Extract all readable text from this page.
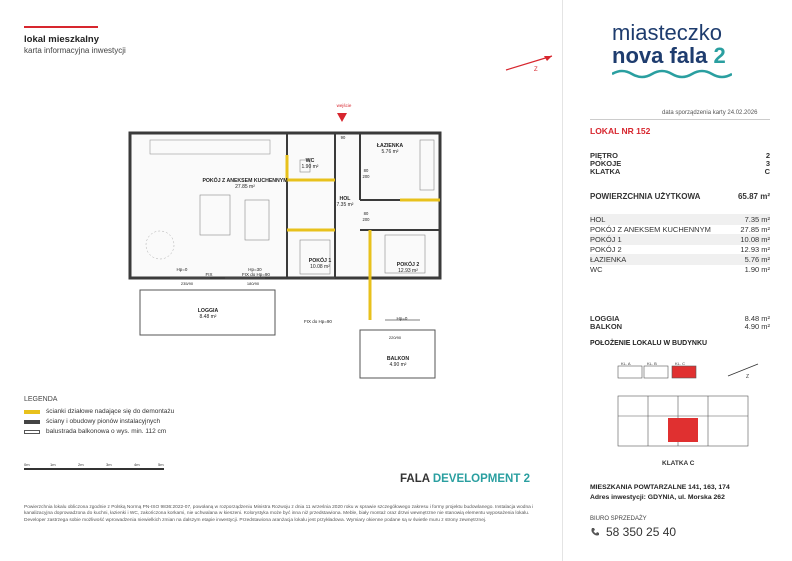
lokal mieszkalny
karta informacyjna inwestycji
Z
wejście
POKÓJ Z ANEKSEM KUCHENNYM
27.85 m²
WC
1.90 m²
ŁAZIENKA
5.76 m²
HOL
7.35 m²
POKÓJ 1
10.08 m²	POKÓJ 2
12.93 m²
LOGGIA
8.48 m²
BALKON
4.90 m²
Hp=0
FIX
Hp=30
FIX do Hp=90
FIX do Hp=90
Hp=0
80
200
80
200
90
235/90	180/90
220/90
LEGENDA
ścianki działowe nadające się do demontażu
ściany i obudowy pionów instalacyjnych
balustrada balkonowa o wys. min. 112 cm
0m	1m	2m	3m	4m	5m
FALA DEVELOPMENT 2
Powierzchnia lokalu obliczona zgodnie z Polską Normą PN-ISO 9836:2022-07, powołaną w rozporządzeniu Ministra Rozwoju z dnia 11 września 2020 roku w sprawie szczegółowego zakresu i formy projektu budowlanego. Instalacja wodna i kanalizacyjna doprowadzona do kuchni, łazienki i WC, zakończona korkami, nie uchwalana w kieszeni. Kolorystyka może być inna niż przedstawiona. Meble, biały montaż oraz drzwi wewnętrzne nie stanowią elementu wyposażenia lokalu. Developer zastrzega sobie możliwość wprowadzenia niewielkich zmian na dalszym etapie inwestycji. Przedstawiona aranżacja lokalu jest przykładowa. Wymiary okienne podane są w świetle muru z strony zewnętrznej.
miasteczko
nova fala 2
data sporządzenia karty 24.02.2026
LOKAL NR 152
PIĘTRO	2
POKOJE	3
KLATKA	C
POWIERZCHNIA UŻYTKOWA	65.87 m²
HOL	7.35 m²
POKÓJ Z ANEKSEM KUCHENNYM	27.85 m²
POKÓJ 1	10.08 m²
POKÓJ 2	12.93 m²
ŁAZIENKA	5.76 m²
WC	1.90 m²
LOGGIA	8.48 m²
BALKON	4.90 m²
POŁOŻENIE LOKALU W BUDYNKU
Z
KL. A	KL. B	KL. C
KLATKA C
MIESZKANIA POWTARZALNE 141, 163, 174
Adres inwestycji: GDYNIA, ul. Morska 262
BIURO SPRZEDAŻY
58 350 25 40
